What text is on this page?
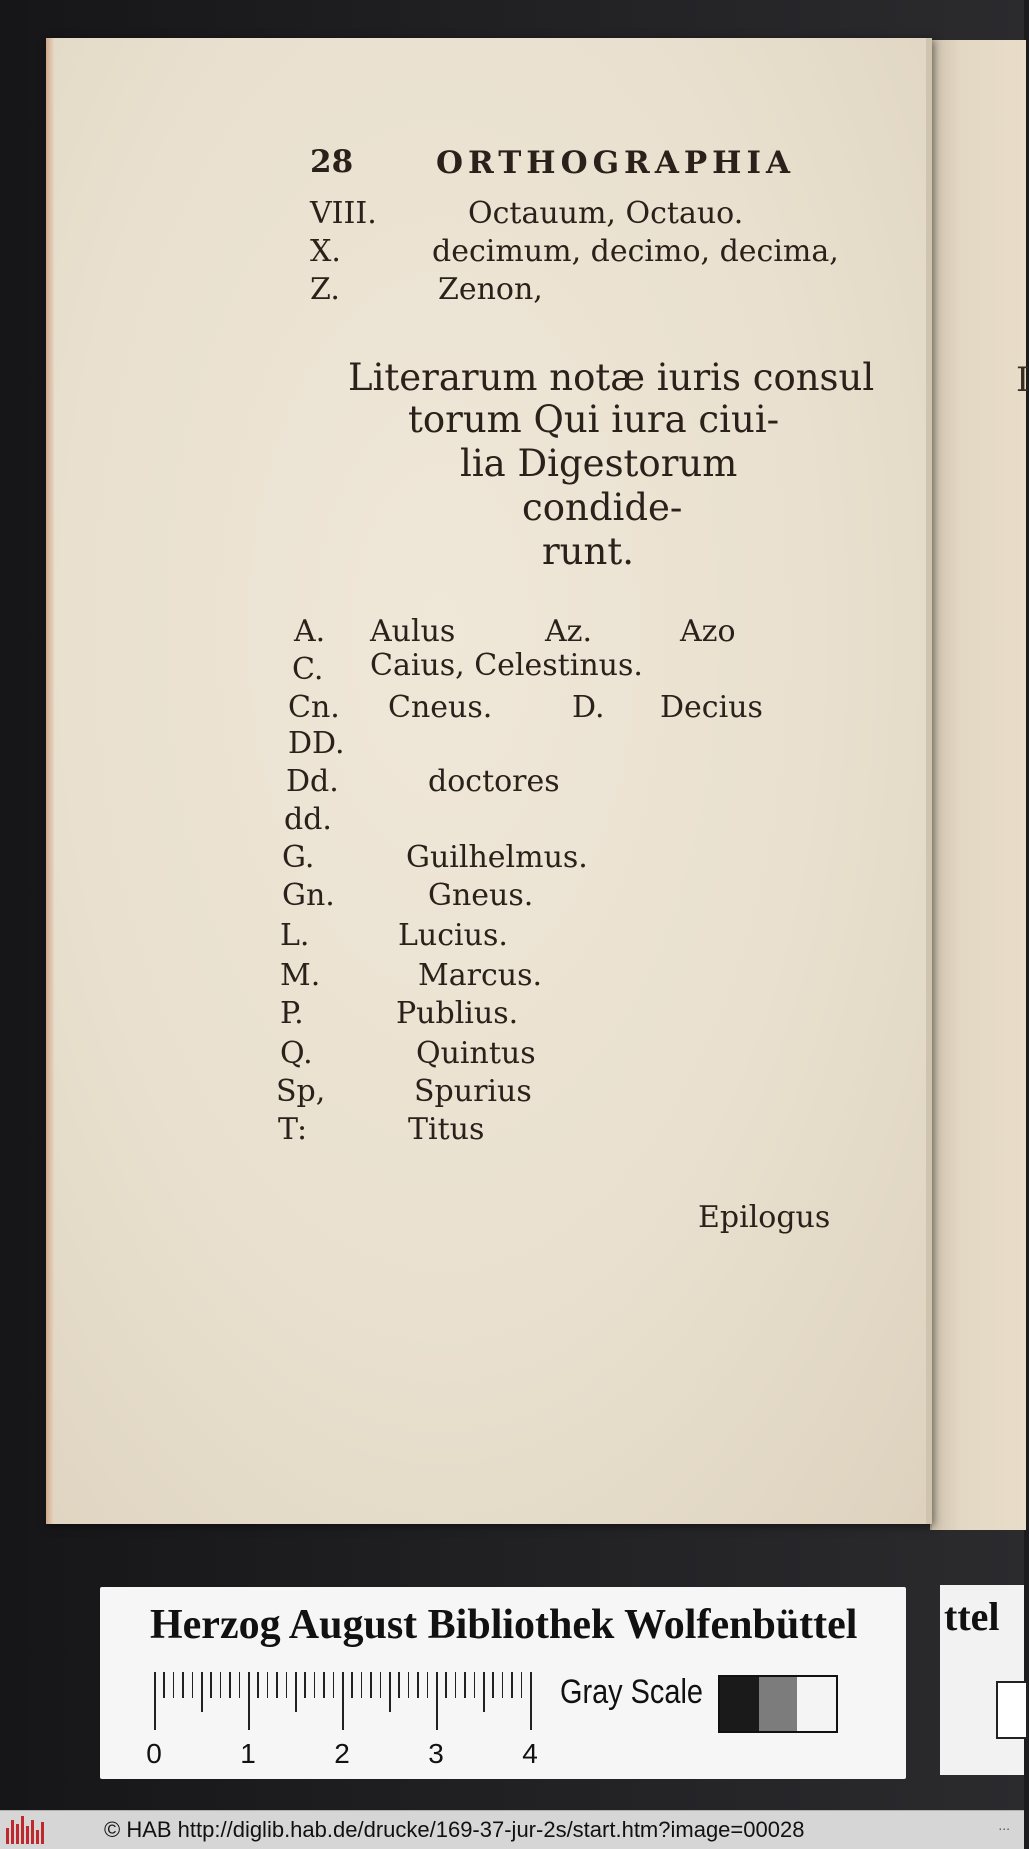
I
ttel
28	ORTHOGRAPHIA
VIII.	Octauum, Octauo.
X.	decimum, decimo, decima,
Z.	Zenon,
Literarum notæ iuris consul
torum Qui iura ciui-
lia Digestorum
condide-
runt.
A. Aulus	Az.	Azo
C. Caius, Celestinus.
Cn. Cneus.	D. Decius
DD.
Dd.	doctores
dd.
G.	Guilhelmus.
Gn.	Gneus.
L.	Lucius.
M.	Marcus.
P.	Publius.
Q.	Quintus
Sp,	Spurius
T:	Titus
Epilogus
Herzog August Bibliothek Wolfenbüttel
0	1	2	3	4
Gray Scale
© HAB http://diglib.hab.de/drucke/169-37-jur-2s/start.htm?image=00028	...
